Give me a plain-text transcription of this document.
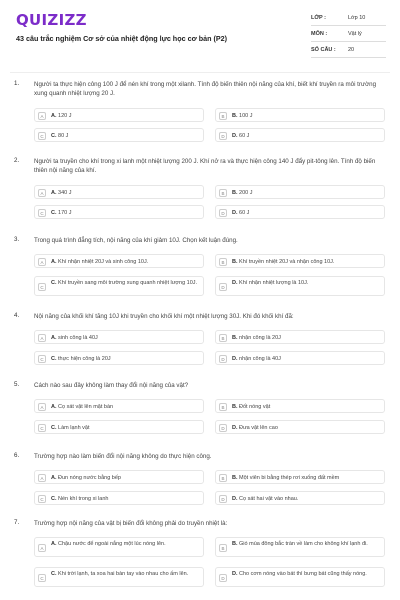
QUIZIZZ
43 câu trắc nghiệm Cơ sở của nhiệt động lực học cơ bản (P2)
LỚP :	Lớp 10
MÔN :	Vật lý
SỐ CÂU : 20
1. Người ta thực hiện công 100 J để nén khí trong một xilanh. Tính độ biến thiên nội năng của khí, biết khí truyền ra môi trường xung quanh nhiệt lượng 20 J.
A	A. 120 J	B	B. 100 J
C	C. 80 J	D	D. 60 J
2. Người ta truyền cho khí trong xi lanh một nhiệt lượng 200 J. Khí nở ra và thực hiện công 140 J đẩy pit-tông lên. Tính độ biến thiên nội năng của khí.
A	A. 340 J	B	B. 200 J
C	C. 170 J	D	D. 60 J
3. Trong quá trình đẳng tích, nội năng của khí giảm 10J. Chọn kết luận đúng.
A	A. Khí nhận nhiệt 20J và sinh công 10J.	B	B. Khí truyền nhiệt 20J và nhận công 10J.
C
C. Khí truyền sang môi trường xung quanh nhiệt lượng 10J.
D
D. Khí nhận nhiệt lượng là 10J.
4. Nội năng của khối khí tăng 10J khi truyền cho khối khí một nhiệt lượng 30J. Khi đó khối khí đã:
A	A. sinh công là 40J	B	B. nhận công là 20J
C	C. thực hiện công là 20J	D	D. nhận công là 40J
5. Cách nào sau đây không làm thay đổi nội năng của vật?
A	A. Cọ xát vật lên mặt bàn	B	B. Đốt nóng vật
C	C. Làm lạnh vật	D	D. Đưa vật lên cao
6. Trường hợp nào làm biến đổi nội năng không do thực hiện công.
A	A. Đun nóng nước bằng bếp	B	B. Một viên bi bằng thép rơi xuống đất mềm
C	C. Nén khí trong xi lanh	D	D. Cọ sát hai vật vào nhau.
7. Trường hợp nội năng của vật bị biến đổi không phải do truyền nhiệt là:
A
A. Chậu nước để ngoài nắng một lúc nóng lên.
B
B. Gió mùa đông bắc tràn về làm cho không khí lạnh đi.
C
C. Khi trời lạnh, ta xoa hai bàn tay vào nhau cho ấm lên.
D
D. Cho cơm nóng vào bát thì bưng bát cũng thấy nóng.
